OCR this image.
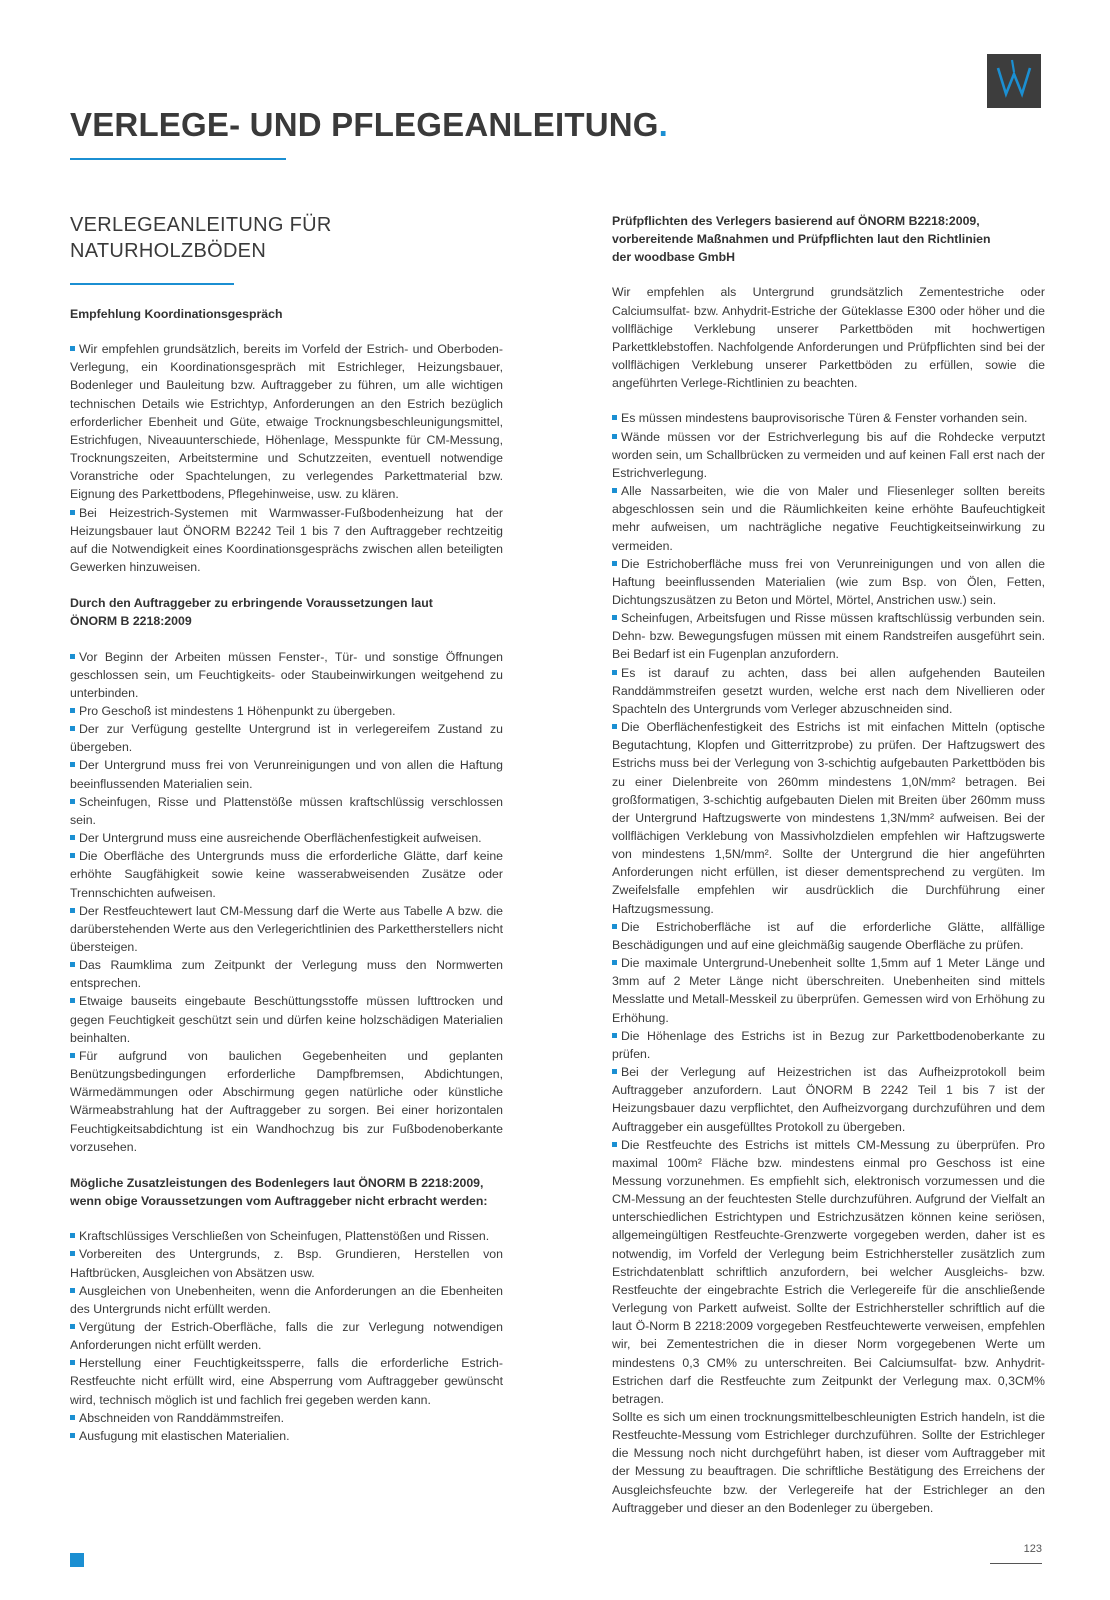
VERLEGE- UND PFLEGEANLEITUNG.
VERLEGEANLEITUNG FÜR
NATURHOLZBÖDEN
Empfehlung Koordinationsgespräch
Wir empfehlen grundsätzlich, bereits im Vorfeld der Estrich- und Oberboden-Verlegung, ein Koordinationsgespräch mit Estrichleger, Heizungsbauer, Bodenleger und Bauleitung bzw. Auftraggeber zu führen, um alle wichtigen technischen Details wie Estrichtyp, Anforderungen an den Estrich bezüglich erforderlicher Ebenheit und Güte, etwaige Trocknungsbeschleunigungsmittel, Estrichfugen, Niveauunterschiede, Höhenlage, Messpunkte für CM-Messung, Trocknungszeiten, Arbeitstermine und Schutzzeiten, eventuell notwendige Voranstriche oder Spachtelungen, zu verlegendes Parkettmaterial bzw. Eignung des Parkettbodens, Pflegehinweise, usw. zu klären.
Bei Heizestrich-Systemen mit Warmwasser-Fußbodenheizung hat der Heizungsbauer laut ÖNORM B2242 Teil 1 bis 7 den Auftraggeber rechtzeitig auf die Notwendigkeit eines Koordinationsgesprächs zwischen allen beteiligten Gewerken hinzuweisen.
Durch den Auftraggeber zu erbringende Voraussetzungen laut
ÖNORM B 2218:2009
Vor Beginn der Arbeiten müssen Fenster-, Tür- und sonstige Öffnungen geschlossen sein, um Feuchtigkeits- oder Staubeinwirkungen weitgehend zu unterbinden.
Pro Geschoß ist mindestens 1 Höhenpunkt zu übergeben.
Der zur Verfügung gestellte Untergrund ist in verlegereifem Zustand zu übergeben.
Der Untergrund muss frei von Verunreinigungen und von allen die Haftung beeinflussenden Materialien sein.
Scheinfugen, Risse und Plattenstöße müssen kraftschlüssig verschlossen sein.
Der Untergrund muss eine ausreichende Oberflächenfestigkeit aufweisen.
Die Oberfläche des Untergrunds muss die erforderliche Glätte, darf keine erhöhte Saugfähigkeit sowie keine wasserabweisenden Zusätze oder Trennschichten aufweisen.
Der Restfeuchtewert laut CM-Messung darf die Werte aus Tabelle A bzw. die darüberstehenden Werte aus den Verlegerichtlinien des Parkettherstellers nicht übersteigen.
Das Raumklima zum Zeitpunkt der Verlegung muss den Normwerten entsprechen.
Etwaige bauseits eingebaute Beschüttungsstoffe müssen lufttrocken und gegen Feuchtigkeit geschützt sein und dürfen keine holzschädigen Materialien beinhalten.
Für aufgrund von baulichen Gegebenheiten und geplanten Benützungsbedingungen erforderliche Dampfbremsen, Abdichtungen, Wärmedämmungen oder Abschirmung gegen natürliche oder künstliche Wärmeabstrahlung hat der Auftraggeber zu sorgen. Bei einer horizontalen Feuchtigkeitsabdichtung ist ein Wandhochzug bis zur Fußbodenoberkante vorzusehen.
Mögliche Zusatzleistungen des Bodenlegers laut ÖNORM B 2218:2009,
wenn obige Voraussetzungen vom Auftraggeber nicht erbracht werden:
Kraftschlüssiges Verschließen von Scheinfugen, Plattenstößen und Rissen.
Vorbereiten des Untergrunds, z. Bsp. Grundieren, Herstellen von Haftbrücken, Ausgleichen von Absätzen usw.
Ausgleichen von Unebenheiten, wenn die Anforderungen an die Ebenheiten des Untergrunds nicht erfüllt werden.
Vergütung der Estrich-Oberfläche, falls die zur Verlegung notwendigen Anforderungen nicht erfüllt werden.
Herstellung einer Feuchtigkeitssperre, falls die erforderliche Estrich-Restfeuchte nicht erfüllt wird, eine Absperrung vom Auftraggeber gewünscht wird, technisch möglich ist und fachlich frei gegeben werden kann.
Abschneiden von Randdämmstreifen.
Ausfugung mit elastischen Materialien.
Prüfpflichten des Verlegers basierend auf ÖNORM B2218:2009,
vorbereitende Maßnahmen und Prüfpflichten laut den Richtlinien
der woodbase GmbH

Wir empfehlen als Untergrund grundsätzlich Zementestriche oder Calciumsulfat- bzw. Anhydrit-Estriche der Güteklasse E300 oder höher und die vollflächige Verklebung unserer Parkettböden mit hochwertigen Parkettklebstoffen. Nachfolgende Anforderungen und Prüfpflichten sind bei der vollflächigen Verklebung unserer Parkettböden zu erfüllen, sowie die angeführten Verlege-Richtlinien zu beachten.

Es müssen mindestens bauprovisorische Türen & Fenster vorhanden sein.
Wände müssen vor der Estrichverlegung bis auf die Rohdecke verputzt worden sein, um Schallbrücken zu vermeiden und auf keinen Fall erst nach der Estrichverlegung.
Alle Nassarbeiten, wie die von Maler und Fliesenleger sollten bereits abgeschlossen sein und die Räumlichkeiten keine erhöhte Baufeuchtigkeit mehr aufweisen, um nachträgliche negative Feuchtigkeitseinwirkung zu vermeiden.
Die Estrichoberfläche muss frei von Verunreinigungen und von allen die Haftung beeinflussenden Materialien (wie zum Bsp. von Ölen, Fetten, Dichtungszusätzen zu Beton und Mörtel, Mörtel, Anstrichen usw.) sein.
Scheinfugen, Arbeitsfugen und Risse müssen kraftschlüssig verbunden sein. Dehn- bzw. Bewegungsfugen müssen mit einem Randstreifen ausgeführt sein. Bei Bedarf ist ein Fugenplan anzufordern.
Es ist darauf zu achten, dass bei allen aufgehenden Bauteilen Randdämmstreifen gesetzt wurden, welche erst nach dem Nivellieren oder Spachteln des Untergrunds vom Verleger abzuschneiden sind.
Die Oberflächenfestigkeit des Estrichs ist mit einfachen Mitteln (optische Begutachtung, Klopfen und Gitterritzprobe) zu prüfen. Der Haftzugswert des Estrichs muss bei der Verlegung von 3-schichtig aufgebauten Parkettböden bis zu einer Dielenbreite von 260mm mindestens 1,0N/mm² betragen. Bei großformatigen, 3-schichtig aufgebauten Dielen mit Breiten über 260mm muss der Untergrund Haftzugswerte von mindestens 1,3N/mm² aufweisen. Bei der vollflächigen Verklebung von Massivholzdielen empfehlen wir Haftzugswerte von mindestens 1,5N/mm². Sollte der Untergrund die hier angeführten Anforderungen nicht erfüllen, ist dieser dementsprechend zu vergüten. Im Zweifelsfalle empfehlen wir ausdrücklich die Durchführung einer Haftzugsmessung.
Die Estrichoberfläche ist auf die erforderliche Glätte, allfällige Beschädigungen und auf eine gleichmäßig saugende Oberfläche zu prüfen.
Die maximale Untergrund-Unebenheit sollte 1,5mm auf 1 Meter Länge und 3mm auf 2 Meter Länge nicht überschreiten. Unebenheiten sind mittels Messlatte und Metall-Messkeil zu überprüfen. Gemessen wird von Erhöhung zu Erhöhung.
Die Höhenlage des Estrichs ist in Bezug zur Parkettbodenoberkante zu prüfen.
Bei der Verlegung auf Heizestrichen ist das Aufheizprotokoll beim Auftraggeber anzufordern. Laut ÖNORM B 2242 Teil 1 bis 7 ist der Heizungsbauer dazu verpflichtet, den Aufheizvorgang durchzuführen und dem Auftraggeber ein ausgefülltes Protokoll zu übergeben.
Die Restfeuchte des Estrichs ist mittels CM-Messung zu überprüfen. Pro maximal 100m² Fläche bzw. mindestens einmal pro Geschoss ist eine Messung vorzunehmen. Es empfiehlt sich, elektronisch vorzumessen und die CM-Messung an der feuchtesten Stelle durchzuführen. Aufgrund der Vielfalt an unterschiedlichen Estrichtypen und Estrichzusätzen können keine seriösen, allgemeingültigen Restfeuchte-Grenzwerte vorgegeben werden, daher ist es notwendig, im Vorfeld der Verlegung beim Estrichhersteller zusätzlich zum Estrichdatenblatt schriftlich anzufordern, bei welcher Ausgleichs- bzw. Restfeuchte der eingebrachte Estrich die Verlegereife für die anschließende Verlegung von Parkett aufweist. Sollte der Estrichhersteller schriftlich auf die laut Ö-Norm B 2218:2009 vorgegeben Restfeuchtewerte verweisen, empfehlen wir, bei Zementestrichen die in dieser Norm vorgegebenen Werte um mindestens 0,3 CM% zu unterschreiten. Bei Calciumsulfat- bzw. Anhydrit-Estrichen darf die Restfeuchte zum Zeitpunkt der Verlegung max. 0,3CM% betragen.

Sollte es sich um einen trocknungsmittelbeschleunigten Estrich handeln, ist die Restfeuchte-Messung vom Estrichleger durchzuführen. Sollte der Estrichleger die Messung noch nicht durchgeführt haben, ist dieser vom Auftraggeber mit der Messung zu beauftragen. Die schriftliche Bestätigung des Erreichens der Ausgleichsfeuchte bzw. der Verlegereife hat der Estrichleger an den Auftraggeber und dieser an den Bodenleger zu übergeben.

123
